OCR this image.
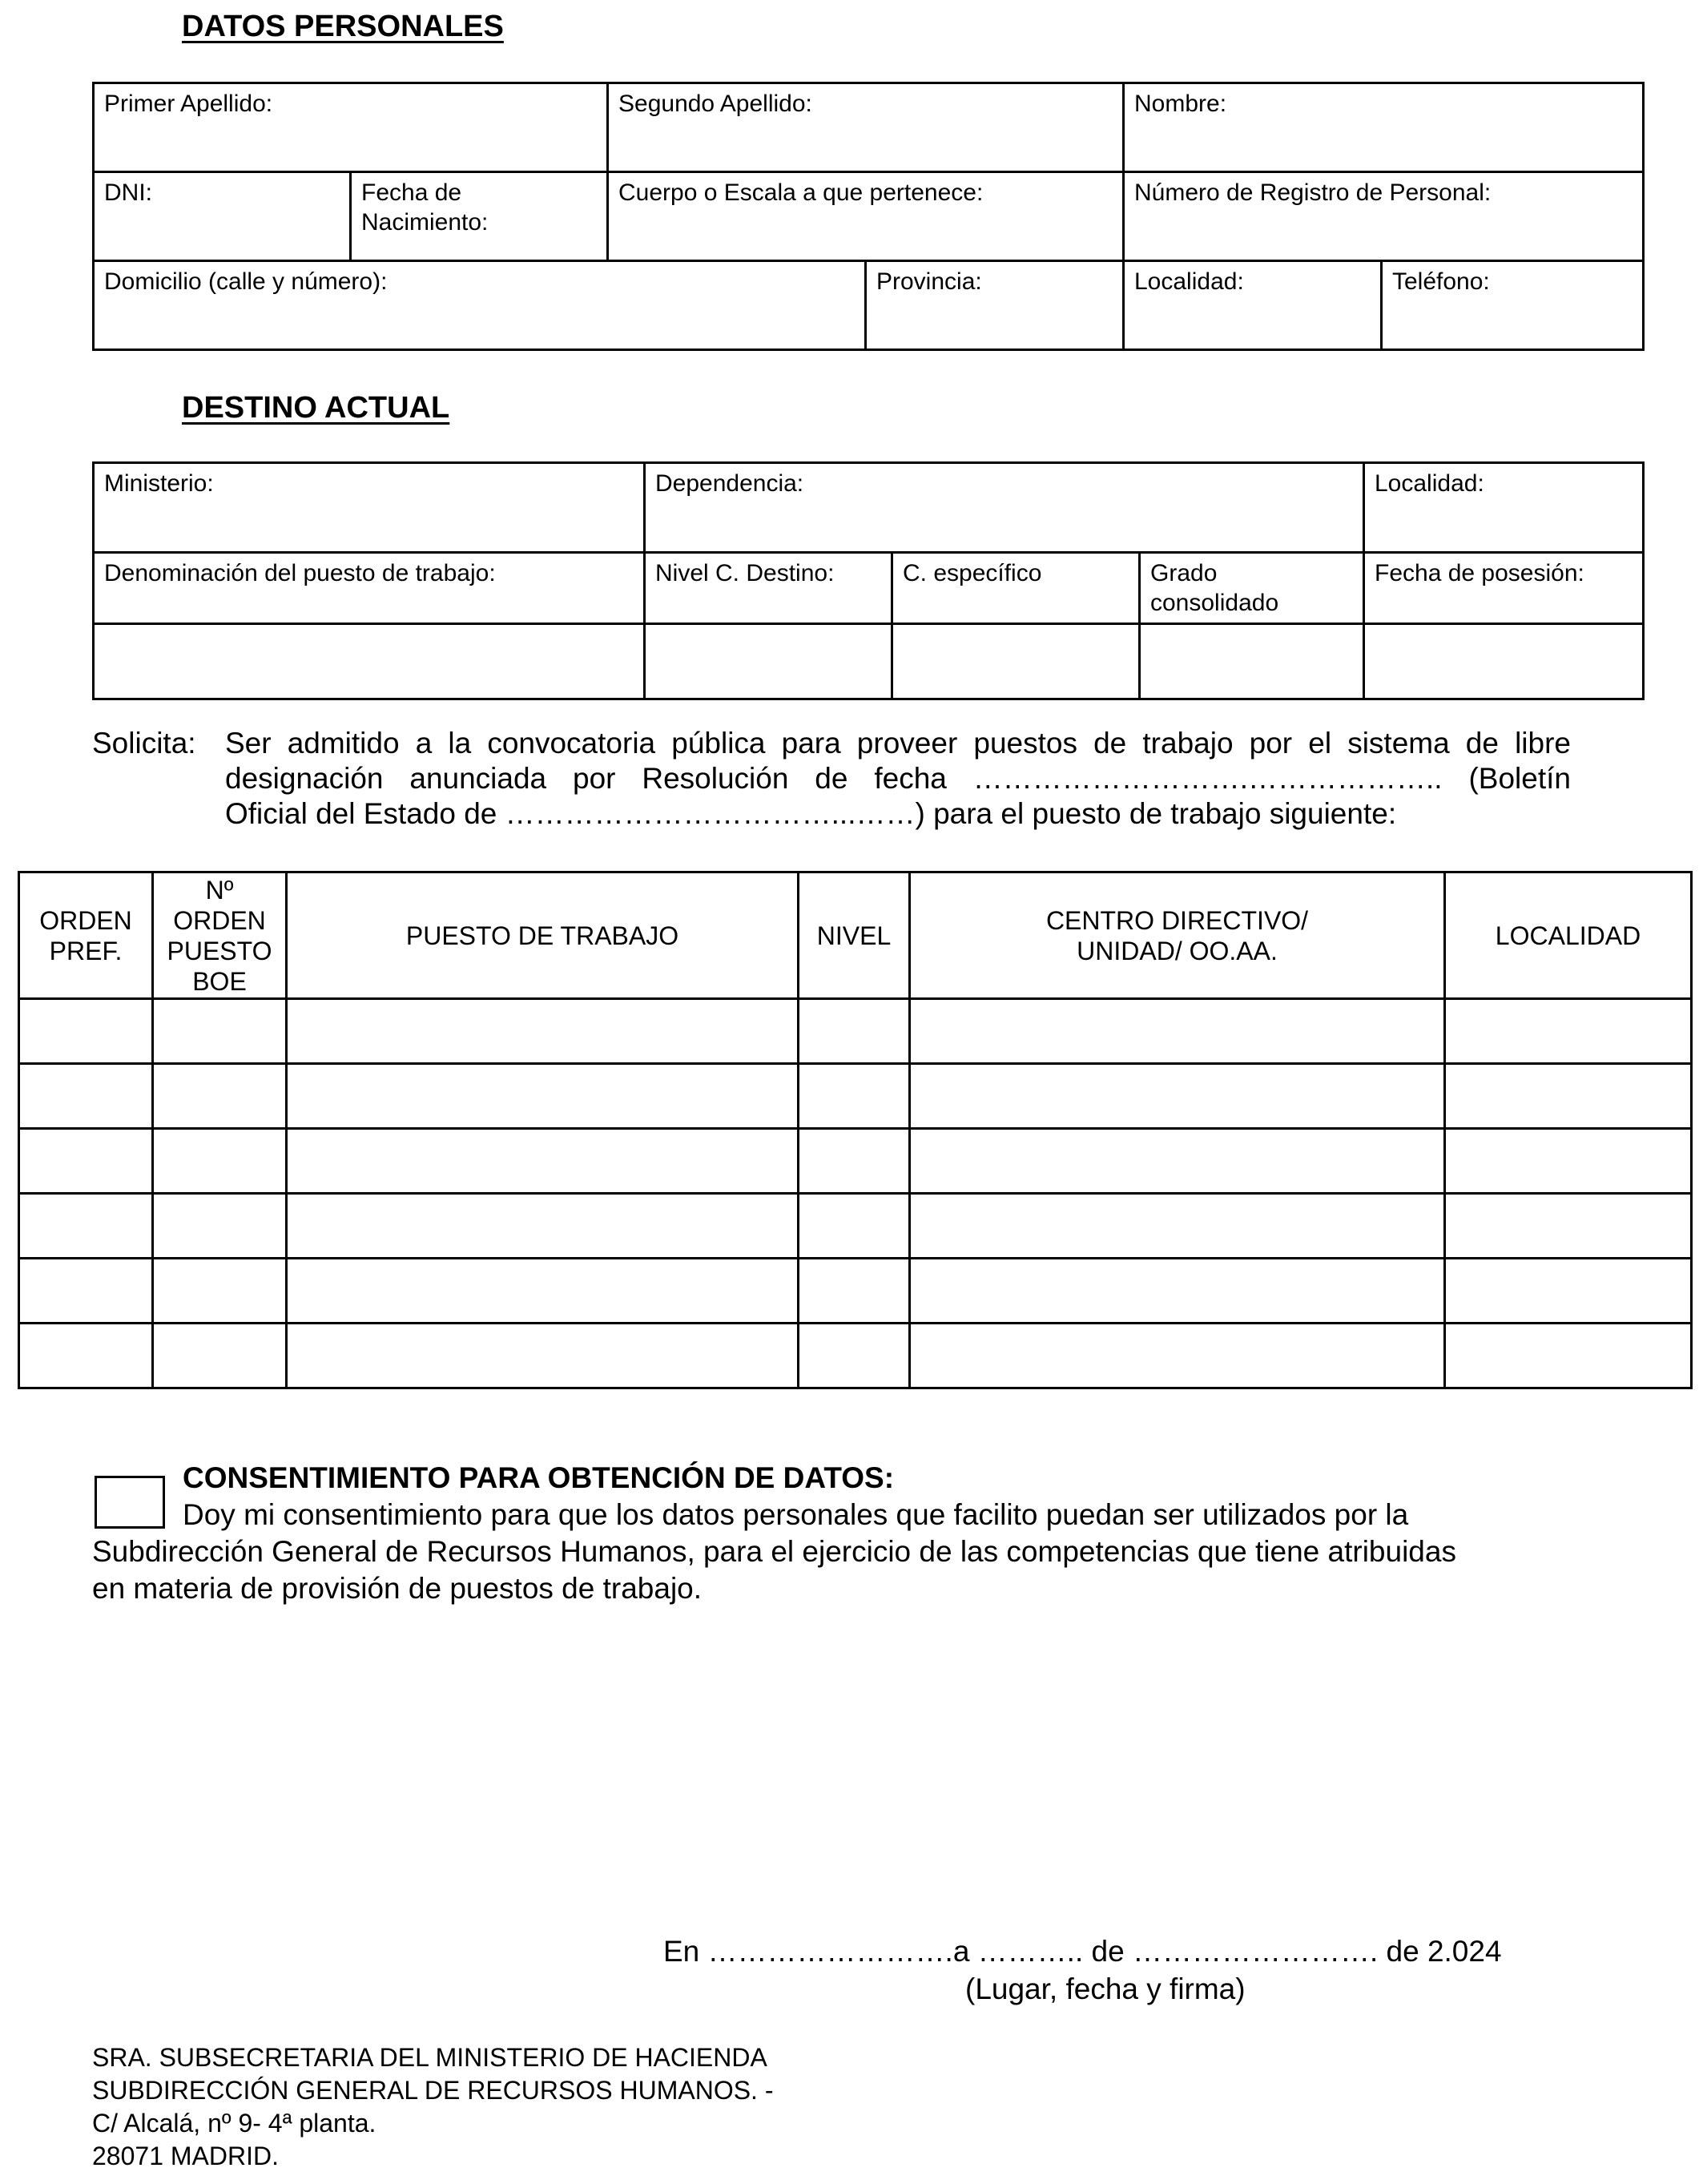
DATOS PERSONALES
Primer Apellido:		Segundo Apellido:		Nombre:	
DNI:	Fecha de Nacimiento:	Cuerpo o Escala a que pertenece:		Número de Registro de Personal:	
Domicilio (calle y número):			Provincia:	Localidad:	Teléfono:
DESTINO ACTUAL
Ministerio:	Dependencia:			Localidad:
Denominación del puesto de trabajo:	Nivel C. Destino:	C. específico	Grado consolidado	Fecha de posesión:

Solicita: Ser admitido a la convocatoria pública para proveer puestos de trabajo por el sistema de libre
designación anunciada por Resolución de fecha ……………………….……………….. (Boletín
Oficial del Estado de ……………………………...……) para el puesto de trabajo siguiente:
ORDEN PREF.	Nº ORDEN PUESTO BOE	PUESTO DE TRABAJO	NIVEL	CENTRO DIRECTIVO/ UNIDAD/ OO.AA.	LOCALIDAD

CONSENTIMIENTO PARA OBTENCIÓN DE DATOS:
Doy mi consentimiento para que los datos personales que facilito puedan ser utilizados por la
Subdirección General de Recursos Humanos, para el ejercicio de las competencias que tiene atribuidas
en materia de provisión de puestos de trabajo.
En …………………….a ……….. de ……………………. de 2.024
(Lugar, fecha y firma)
SRA. SUBSECRETARIA DEL MINISTERIO DE HACIENDA
SUBDIRECCIÓN GENERAL DE RECURSOS HUMANOS. -
C/ Alcalá, nº 9- 4ª planta.
28071 MADRID.
